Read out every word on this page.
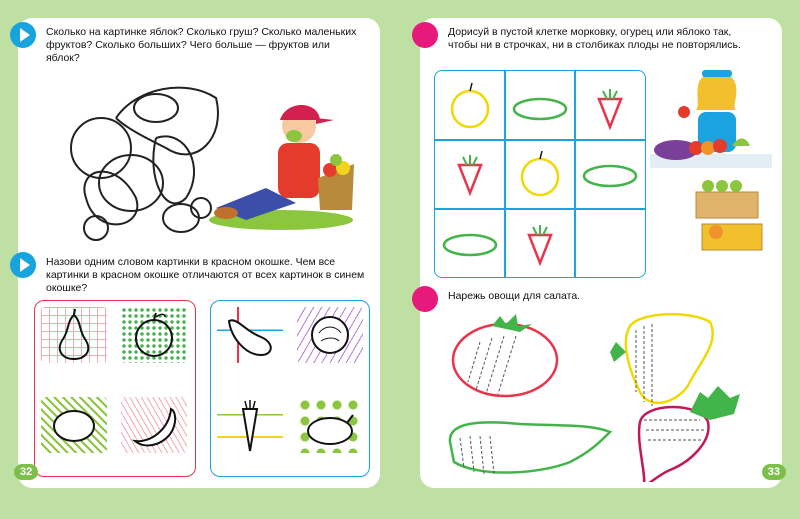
Сколько на картинке яблок? Сколько груш? Сколько маленьких фруктов? Сколько больших? Чего больше — фруктов или яблок?
Назови одним словом картинки в красном окошке. Чем все картинки в красном окошке отличаются от всех картинок в синем окошке?
32
Дорисуй в пустой клетке морковку, огурец или яблоко так, чтобы ни в строчках, ни в столбиках плоды не повторялись.
Нарежь овощи для салата.
33
